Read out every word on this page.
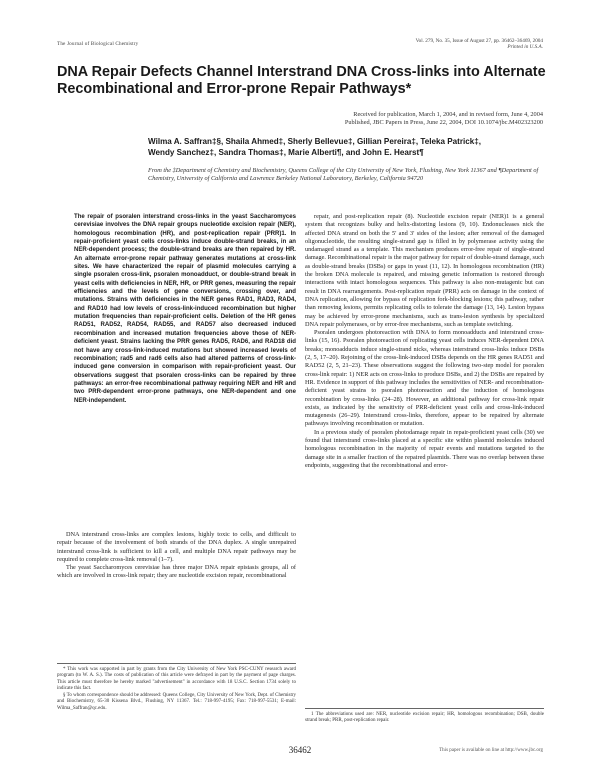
The Journal of Biological Chemistry	Vol. 279, No. 35, Issue of August 27, pp. 36462–36469, 2004
Printed in U.S.A.
DNA Repair Defects Channel Interstrand DNA Cross-links into Alternate Recombinational and Error-prone Repair Pathways*
Received for publication, March 1, 2004, and in revised form, June 4, 2004
Published, JBC Papers in Press, June 22, 2004, DOI 10.1074/jbc.M402323200
Wilma A. Saffran‡§, Shaila Ahmed‡, Sherly Bellevue‡, Gillian Pereira‡, Teleka Patrick‡,
Wendy Sanchez‡, Sandra Thomas‡, Marie Alberti¶, and John E. Hearst¶
From the ‡Department of Chemistry and Biochemistry, Queens College of the City University of New York, Flushing, New York 11367 and ¶Department of Chemistry, University of California and Lawrence Berkeley National Laboratory, Berkeley, California 94720
The repair of psoralen interstrand cross-links in the yeast Saccharomyces cerevisiae involves the DNA repair groups nucleotide excision repair (NER), homologous recombination (HR), and post-replication repair (PRR)1. In repair-proficient yeast cells cross-links induce double-strand breaks, in an NER-dependent process; the double-strand breaks are then repaired by HR. An alternate error-prone repair pathway generates mutations at cross-link sites. We have characterized the repair of plasmid molecules carrying a single psoralen cross-link, psoralen monoadduct, or double-strand break in yeast cells with deficiencies in NER, HR, or PRR genes, measuring the repair efficiencies and the levels of gene conversions, crossing over, and mutations. Strains with deficiencies in the NER genes RAD1, RAD3, RAD4, and RAD10 had low levels of cross-link-induced recombination but higher mutation frequencies than repair-proficient cells. Deletion of the HR genes RAD51, RAD52, RAD54, RAD55, and RAD57 also decreased induced recombination and increased mutation frequencies above those of NER-deficient yeast. Strains lacking the PRR genes RAD5, RAD6, and RAD18 did not have any cross-link-induced mutations but showed increased levels of recombination; rad5 and rad6 cells also had altered patterns of cross-link-induced gene conversion in comparison with repair-proficient yeast. Our observations suggest that psoralen cross-links can be repaired by three pathways: an error-free recombinational pathway requiring NER and HR and two PRR-dependent error-prone pathways, one NER-dependent and one NER-independent.

DNA interstrand cross-links are complex lesions, highly toxic to cells, and difficult to repair because of the involvement of both strands of the DNA duplex. A single unrepaired interstrand cross-link is sufficient to kill a cell, and multiple DNA repair pathways may be required to complete cross-link removal (1–7).

The yeast Saccharomyces cerevisiae has three major DNA repair epistasis groups, all of which are involved in cross-link repair; they are nucleotide excision repair, recombinational

repair, and post-replication repair (8). Nucleotide excision repair (NER)1 is a general system that recognizes bulky and helix-distorting lesions (9, 10). Endonucleases nick the affected DNA strand on both the 5′ and 3′ sides of the lesion; after removal of the damaged oligonucleotide, the resulting single-strand gap is filled in by polymerase activity using the undamaged strand as a template. This mechanism produces error-free repair of single-strand damage. Recombinational repair is the major pathway for repair of double-strand damage, such as double-strand breaks (DSBs) or gaps in yeast (11, 12). In homologous recombination (HR) the broken DNA molecule is repaired, and missing genetic information is restored through interactions with intact homologous sequences. This pathway is also non-mutagenic but can result in DNA rearrangements. Post-replication repair (PRR) acts on damage in the context of DNA replication, allowing for bypass of replication fork-blocking lesions; this pathway, rather than removing lesions, permits replicating cells to tolerate the damage (13, 14). Lesion bypass may be achieved by error-prone mechanisms, such as trans-lesion synthesis by specialized DNA repair polymerases, or by error-free mechanisms, such as template switching.

Psoralen undergoes photoreaction with DNA to form monoadducts and interstrand cross-links (15, 16). Psoralen photoreaction of replicating yeast cells induces NER-dependent DNA breaks; monoadducts induce single-strand nicks, whereas interstrand cross-links induce DSBs (2, 5, 17–20). Rejoining of the cross-link-induced DSBs depends on the HR genes RAD51 and RAD52 (2, 5, 21–23). These observations suggest the following two-step model for psoralen cross-link repair: 1) NER acts on cross-links to produce DSBs, and 2) the DSBs are repaired by HR. Evidence in support of this pathway includes the sensitivities of NER- and recombination-deficient yeast strains to psoralen photoreaction and the induction of homologous recombination by cross-links (24–28). However, an additional pathway for cross-link repair exists, as indicated by the sensitivity of PRR-deficient yeast cells and cross-link-induced mutagenesis (26–29). Interstrand cross-links, therefore, appear to be repaired by alternate pathways involving recombination or mutation.

In a previous study of psoralen photodamage repair in repair-proficient yeast cells (30) we found that interstrand cross-links placed at a specific site within plasmid molecules induced homologous recombination in the majority of repair events and mutations targeted to the damage site in a smaller fraction of the repaired plasmids. There was no overlap between these endpoints, suggesting that the recombinational and error-

* This work was supported in part by grants from the City University of New York PSC-CUNY research award program (to W. A. S.). The costs of publication of this article were defrayed in part by the payment of page charges. This article must therefore be hereby marked "advertisement" in accordance with 18 U.S.C. Section 1734 solely to indicate this fact.

§ To whom correspondence should be addressed: Queens College, City University of New York, Dept. of Chemistry and Biochemistry, 65-30 Kissena Blvd., Flushing, NY 11367. Tel.: 718-997-4195; Fax: 718-997-5531; E-mail: Wilma_Saffran@qc.edu.

1 The abbreviations used are: NER, nucleotide excision repair; HR, homologous recombination; DSB, double strand break; PRR, post-replication repair.

36462	This paper is available on line at http://www.jbc.org
